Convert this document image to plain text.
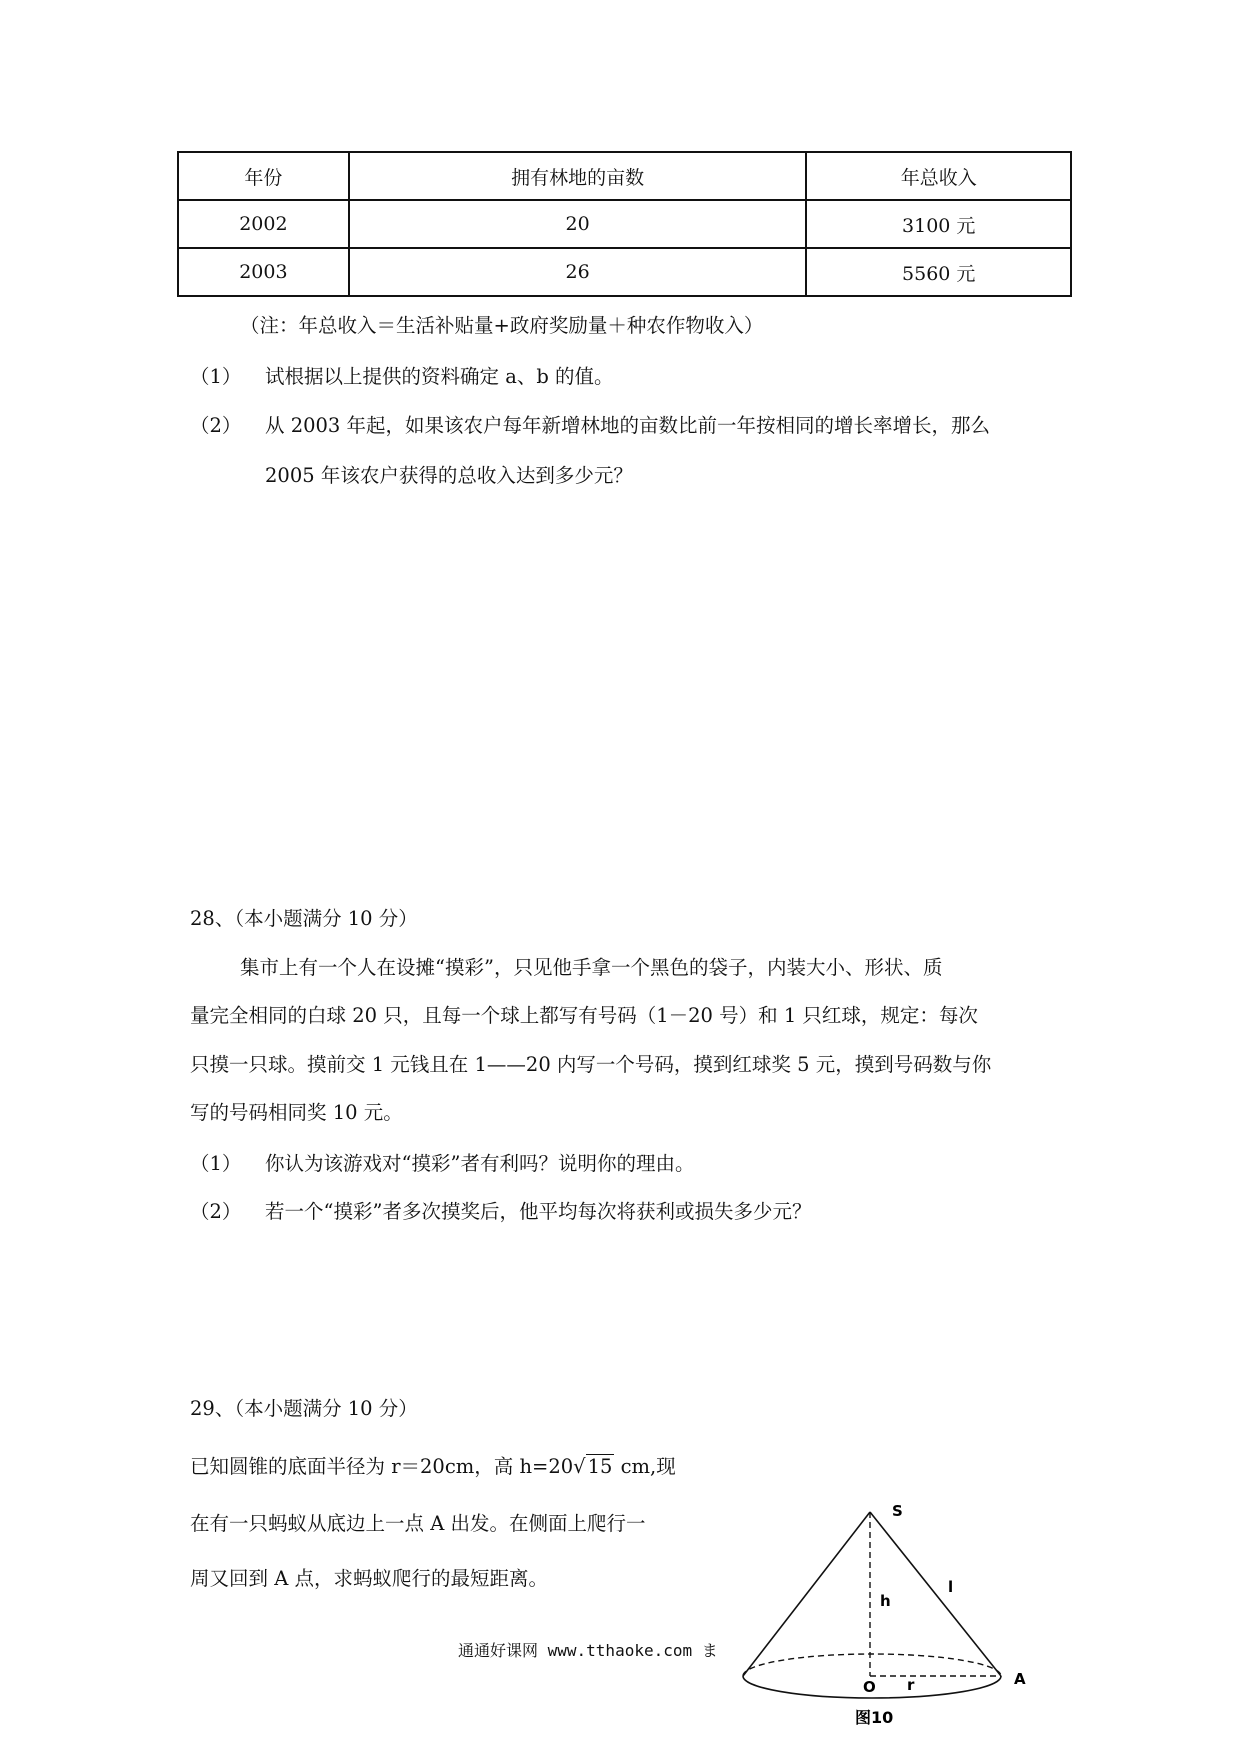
年份	拥有林地的亩数	年总收入
2002	20	3100 元
2003	26	5560 元
（注：年总收入＝生活补贴量+政府奖励量＋种农作物收入）
（1） 试根据以上提供的资料确定 a、b 的值。
（2） 从 2003 年起，如果该农户每年新增林地的亩数比前一年按相同的增长率增长，那么
2005 年该农户获得的总收入达到多少元？
28、（本小题满分 10 分）
集市上有一个人在设摊“摸彩”，只见他手拿一个黑色的袋子，内装大小、形状、质
量完全相同的白球 20 只，且每一个球上都写有号码（1－20 号）和 1 只红球，规定：每次
只摸一只球。摸前交 1 元钱且在 1——20 内写一个号码，摸到红球奖 5 元，摸到号码数与你
写的号码相同奖 10 元。
（1） 你认为该游戏对“摸彩”者有利吗？说明你的理由。
（2） 若一个“摸彩”者多次摸奖后，他平均每次将获利或损失多少元？
29、（本小题满分 10 分）
已知圆锥的底面半径为 r＝20cm，高 h=20√ 15 cm,现
在有一只蚂蚁从底边上一点 A 出发。在侧面上爬行一
周又回到 A 点，求蚂蚁爬行的最短距离。
通通好课网 www.tthaoke.com ま
S
l
h
O r	A
图10
